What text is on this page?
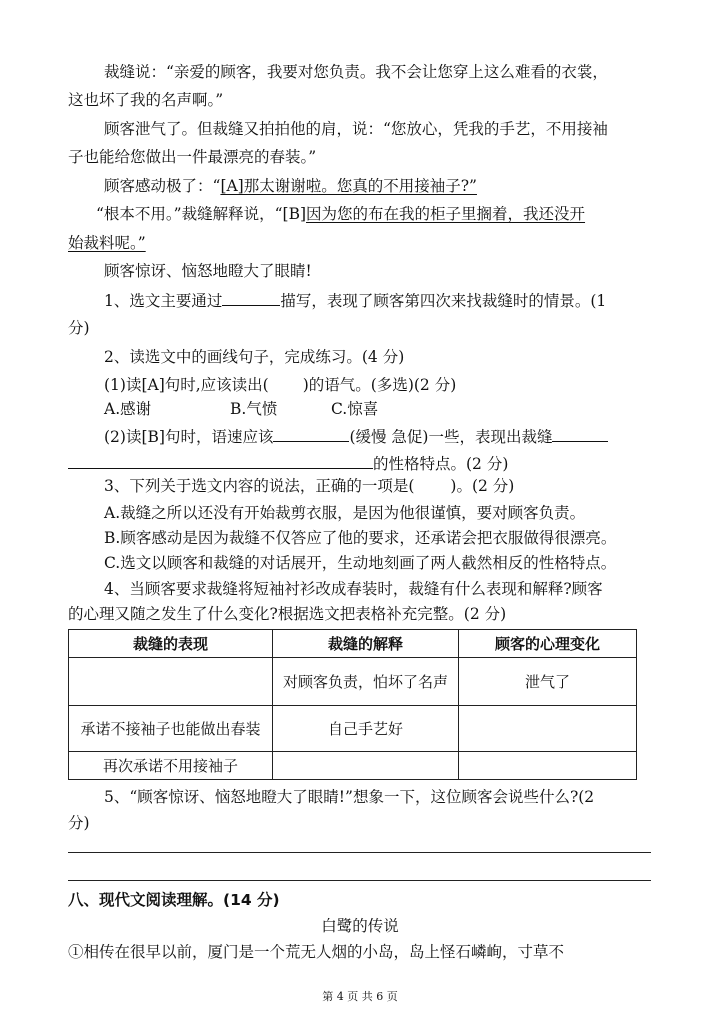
裁缝说：“亲爱的顾客，我要对您负责。我不会让您穿上这么难看的衣裳，
这也坏了我的名声啊。”
顾客泄气了。但裁缝又拍拍他的肩，说：“您放心，凭我的手艺，不用接袖
子也能给您做出一件最漂亮的春装。”
顾客感动极了：“[A]那太谢谢啦。您真的不用接袖子?”
“根本不用。”裁缝解释说，“[B]因为您的布在我的柜子里搁着，我还没开
始裁料呢。”
顾客惊讶、恼怒地瞪大了眼睛!
1、选文主要通过	描写，表现了顾客第四次来找裁缝时的情景。(1
分)
2、读选文中的画线句子，完成练习。(4 分)
(1)读[A]句时,应该读出( )的语气。(多选)(2 分)
A.感谢	B.气愤	C.惊喜
(2)读[B]句时，语速应该	(缓慢 急促)一些，表现出裁缝
的性格特点。(2 分)
3、下列关于选文内容的说法，正确的一项是( )。(2 分)
A.裁缝之所以还没有开始裁剪衣服，是因为他很谨慎，要对顾客负责。
B.顾客感动是因为裁缝不仅答应了他的要求，还承诺会把衣服做得很漂亮。
C.选文以顾客和裁缝的对话展开，生动地刻画了两人截然相反的性格特点。
4、当顾客要求裁缝将短袖衬衫改成春装时，裁缝有什么表现和解释?顾客
的心理又随之发生了什么变化?根据选文把表格补充完整。(2 分)
裁缝的表现	裁缝的解释	顾客的心理变化
	对顾客负责，怕坏了名声	泄气了
承诺不接袖子也能做出春装	自己手艺好	
再次承诺不用接袖子		
5、“顾客惊讶、恼怒地瞪大了眼睛!”想象一下，这位顾客会说些什么?(2
分)
八、现代文阅读理解。(14 分)
白鹭的传说
①相传在很早以前，厦门是一个荒无人烟的小岛，岛上怪石嶙峋，寸草不
第 4 页 共 6 页
